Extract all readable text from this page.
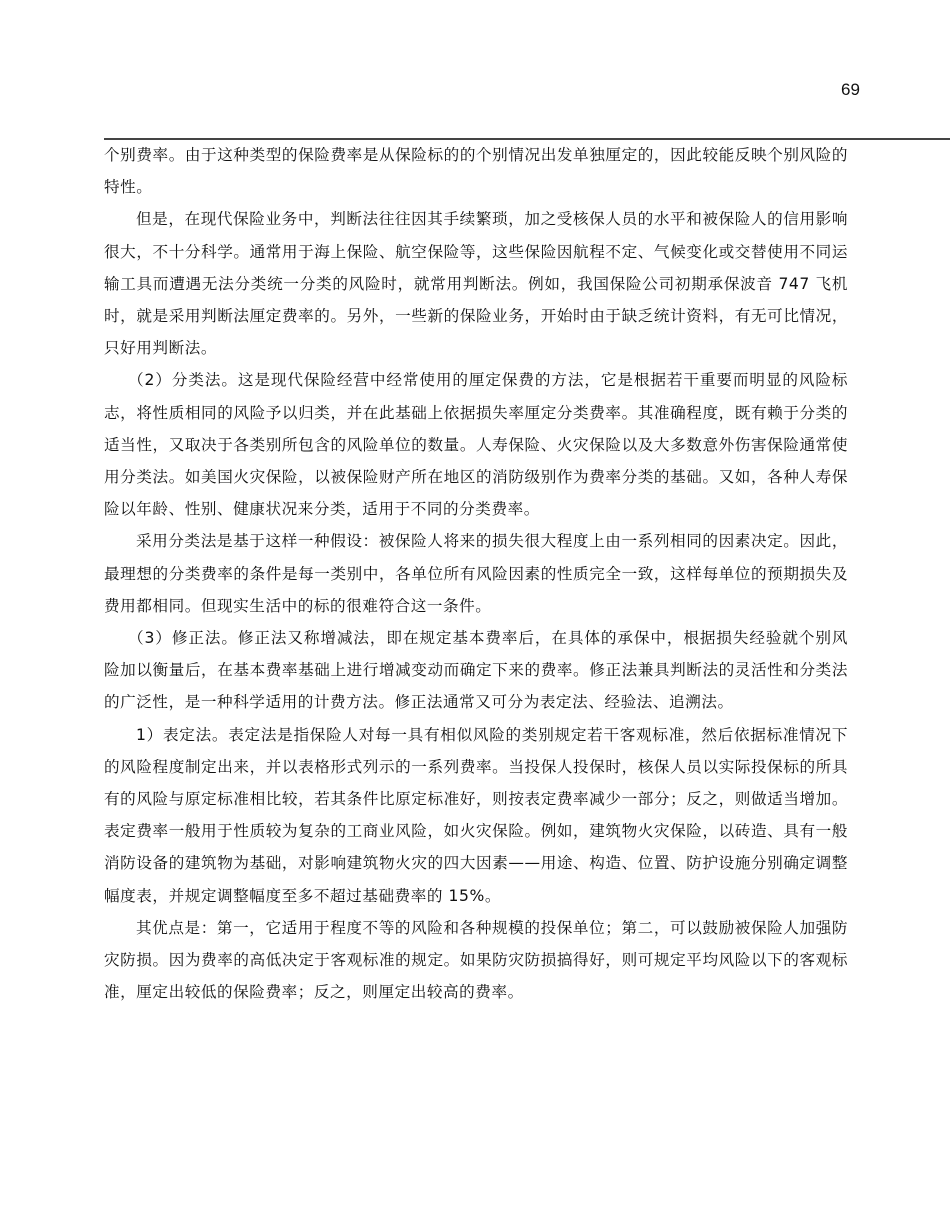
69

个别费率。由于这种类型的保险费率是从保险标的的个别情况出发单独厘定的，因此较能反映个别风险的特性。

但是，在现代保险业务中，判断法往往因其手续繁琐，加之受核保人员的水平和被保险人的信用影响很大，不十分科学。通常用于海上保险、航空保险等，这些保险因航程不定、气候变化或交替使用不同运输工具而遭遇无法分类统一分类的风险时，就常用判断法。例如，我国保险公司初期承保波音 747 飞机时，就是采用判断法厘定费率的。另外，一些新的保险业务，开始时由于缺乏统计资料，有无可比情况，只好用判断法。

（2）分类法。这是现代保险经营中经常使用的厘定保费的方法，它是根据若干重要而明显的风险标志，将性质相同的风险予以归类，并在此基础上依据损失率厘定分类费率。其准确程度，既有赖于分类的适当性，又取决于各类别所包含的风险单位的数量。人寿保险、火灾保险以及大多数意外伤害保险通常使用分类法。如美国火灾保险，以被保险财产所在地区的消防级别作为费率分类的基础。又如，各种人寿保险以年龄、性别、健康状况来分类，适用于不同的分类费率。

采用分类法是基于这样一种假设：被保险人将来的损失很大程度上由一系列相同的因素决定。因此，最理想的分类费率的条件是每一类别中，各单位所有风险因素的性质完全一致，这样每单位的预期损失及费用都相同。但现实生活中的标的很难符合这一条件。

（3）修正法。修正法又称增减法，即在规定基本费率后，在具体的承保中，根据损失经验就个别风险加以衡量后，在基本费率基础上进行增减变动而确定下来的费率。修正法兼具判断法的灵活性和分类法的广泛性，是一种科学适用的计费方法。修正法通常又可分为表定法、经验法、追溯法。

1）表定法。表定法是指保险人对每一具有相似风险的类别规定若干客观标准，然后依据标准情况下的风险程度制定出来，并以表格形式列示的一系列费率。当投保人投保时，核保人员以实际投保标的所具有的风险与原定标准相比较，若其条件比原定标准好，则按表定费率减少一部分；反之，则做适当增加。表定费率一般用于性质较为复杂的工商业风险，如火灾保险。例如，建筑物火灾保险，以砖造、具有一般消防设备的建筑物为基础，对影响建筑物火灾的四大因素——用途、构造、位置、防护设施分别确定调整幅度表，并规定调整幅度至多不超过基础费率的 15%。

其优点是：第一，它适用于程度不等的风险和各种规模的投保单位；第二，可以鼓励被保险人加强防灾防损。因为费率的高低决定于客观标准的规定。如果防灾防损搞得好，则可规定平均风险以下的客观标准，厘定出较低的保险费率；反之，则厘定出较高的费率。
